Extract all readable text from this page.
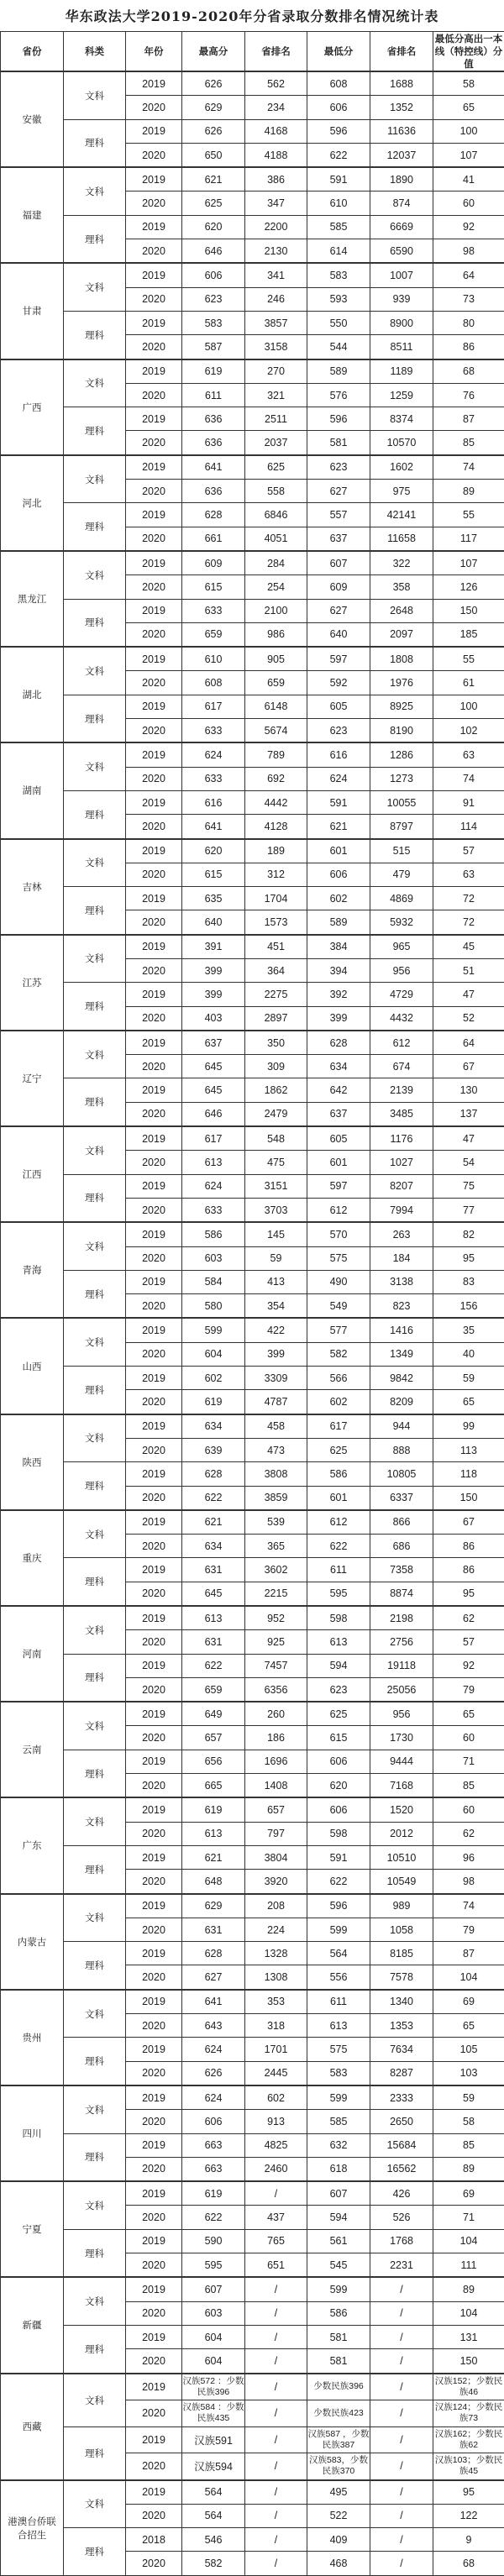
华东政法大学2019-2020年分省录取分数排名情况统计表
省份	科类	年份	最高分	省排名	最低分	省排名	最低分高出一本线（特控线）分值
安徽	文科	2019	626	562	608	1688	58
		2020	629	234	606	1352	65
	理科	2019	626	4168	596	11636	100
		2020	650	4188	622	12037	107
福建	文科	2019	621	386	591	1890	41
		2020	625	347	610	874	60
	理科	2019	620	2200	585	6669	92
		2020	646	2130	614	6590	98
甘肃	文科	2019	606	341	583	1007	64
		2020	623	246	593	939	73
	理科	2019	583	3857	550	8900	80
		2020	587	3158	544	8511	86
广西	文科	2019	619	270	589	1189	68
		2020	611	321	576	1259	76
	理科	2019	636	2511	596	8374	87
		2020	636	2037	581	10570	85
河北	文科	2019	641	625	623	1602	74
		2020	636	558	627	975	89
	理科	2019	628	6846	557	42141	55
		2020	661	4051	637	11658	117
黑龙江	文科	2019	609	284	607	322	107
		2020	615	254	609	358	126
	理科	2019	633	2100	627	2648	150
		2020	659	986	640	2097	185
湖北	文科	2019	610	905	597	1808	55
		2020	608	659	592	1976	61
	理科	2019	617	6148	605	8925	100
		2020	633	5674	623	8190	102
湖南	文科	2019	624	789	616	1286	63
		2020	633	692	624	1273	74
	理科	2019	616	4442	591	10055	91
		2020	641	4128	621	8797	114
吉林	文科	2019	620	189	601	515	57
		2020	615	312	606	479	63
	理科	2019	635	1704	602	4869	72
		2020	640	1573	589	5932	72
江苏	文科	2019	391	451	384	965	45
		2020	399	364	394	956	51
	理科	2019	399	2275	392	4729	47
		2020	403	2897	399	4432	52
辽宁	文科	2019	637	350	628	612	64
		2020	645	309	634	674	67
	理科	2019	645	1862	642	2139	130
		2020	646	2479	637	3485	137
江西	文科	2019	617	548	605	1176	47
		2020	613	475	601	1027	54
	理科	2019	624	3151	597	8207	75
		2020	633	3703	612	7994	77
青海	文科	2019	586	145	570	263	82
		2020	603	59	575	184	95
	理科	2019	584	413	490	3138	83
		2020	580	354	549	823	156
山西	文科	2019	599	422	577	1416	35
		2020	604	399	582	1349	40
	理科	2019	602	3309	566	9842	59
		2020	619	4787	602	8209	65
陕西	文科	2019	634	458	617	944	99
		2020	639	473	625	888	113
	理科	2019	628	3808	586	10805	118
		2020	622	3859	601	6337	150
重庆	文科	2019	621	539	612	866	67
		2020	634	365	622	686	86
	理科	2019	631	3602	611	7358	86
		2020	645	2215	595	8874	95
河南	文科	2019	613	952	598	2198	62
		2020	631	925	613	2756	57
	理科	2019	622	7457	594	19118	92
		2020	659	6356	623	25056	79
云南	文科	2019	649	260	625	956	65
		2020	657	186	615	1730	60
	理科	2019	656	1696	606	9444	71
		2020	665	1408	620	7168	85
广东	文科	2019	619	657	606	1520	60
		2020	613	797	598	2012	62
	理科	2019	621	3804	591	10510	96
		2020	648	3920	622	10549	98
内蒙古	文科	2019	629	208	596	989	74
		2020	631	224	599	1058	79
	理科	2019	628	1328	564	8185	87
		2020	627	1308	556	7578	104
贵州	文科	2019	641	353	611	1340	69
		2020	643	318	613	1353	65
	理科	2019	624	1701	575	7634	105
		2020	626	2445	583	8287	103
四川	文科	2019	624	602	599	2333	59
		2020	606	913	585	2650	58
	理科	2019	663	4825	632	15684	85
		2020	663	2460	618	16562	89
宁夏	文科	2019	619	/	607	426	69
		2020	622	437	594	526	71
	理科	2019	590	765	561	1768	104
		2020	595	651	545	2231	111
新疆	文科	2019	607	/	599	/	89
		2020	603	/	586	/	104
	理科	2019	604	/	581	/	131
		2020	604	/	581	/	150
西藏	文科	2019	汉族572 ：少数民族396	/	少数民族396	/	汉族152；少数民族46
		2020	汉族584 ：少数民族435	/	少数民族423	/	汉族124；少数民族73
	理科	2019	汉族591	/	汉族587 ，少数民族387	/	汉族162；少数民族62
		2020	汉族594	/	汉族583，少数民族370	/	汉族103；少数民族45
港澳台侨联合招生	文科	2019	564	/	495	/	95
		2020	564	/	522	/	122
	理科	2018	546	/	409	/	9
		2020	582	/	468	/	68
